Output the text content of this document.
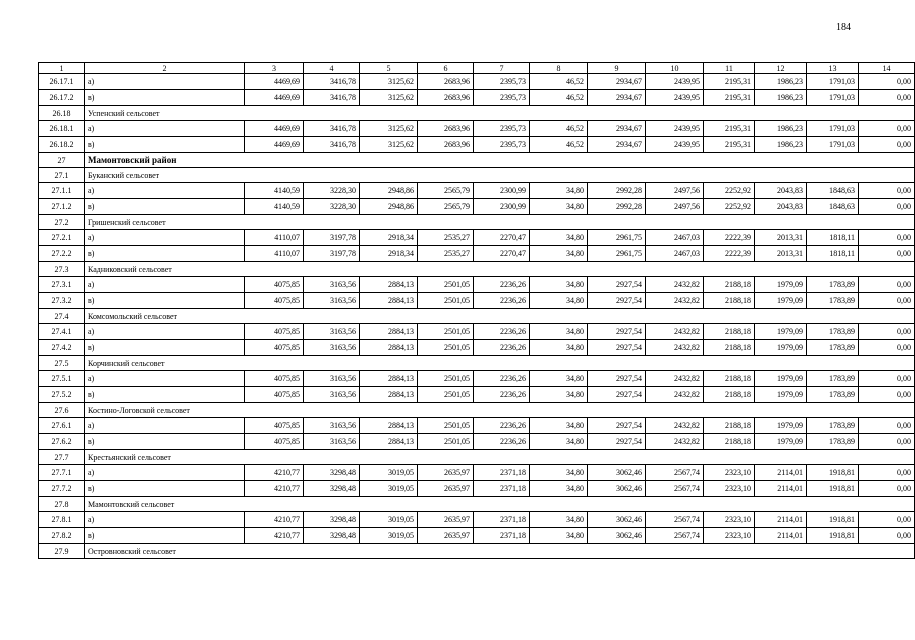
184
1	2	3	4	5	6	7	8	9	10	11	12	13	14
26.17.1	а)	4469,69	3416,78	3125,62	2683,96	2395,73	46,52	2934,67	2439,95	2195,31	1986,23	1791,03	0,00
26.17.2	в)	4469,69	3416,78	3125,62	2683,96	2395,73	46,52	2934,67	2439,95	2195,31	1986,23	1791,03	0,00
26.18	Успенский сельсовет												
26.18.1	а)	4469,69	3416,78	3125,62	2683,96	2395,73	46,52	2934,67	2439,95	2195,31	1986,23	1791,03	0,00
26.18.2	в)	4469,69	3416,78	3125,62	2683,96	2395,73	46,52	2934,67	2439,95	2195,31	1986,23	1791,03	0,00
27	Мамонтовский район												
27.1	Буканский сельсовет												
27.1.1	а)	4140,59	3228,30	2948,86	2565,79	2300,99	34,80	2992,28	2497,56	2252,92	2043,83	1848,63	0,00
27.1.2	в)	4140,59	3228,30	2948,86	2565,79	2300,99	34,80	2992,28	2497,56	2252,92	2043,83	1848,63	0,00
27.2	Гришенский сельсовет												
27.2.1	а)	4110,07	3197,78	2918,34	2535,27	2270,47	34,80	2961,75	2467,03	2222,39	2013,31	1818,11	0,00
27.2.2	в)	4110,07	3197,78	2918,34	2535,27	2270,47	34,80	2961,75	2467,03	2222,39	2013,31	1818,11	0,00
27.3	Кадниковский сельсовет												
27.3.1	а)	4075,85	3163,56	2884,13	2501,05	2236,26	34,80	2927,54	2432,82	2188,18	1979,09	1783,89	0,00
27.3.2	в)	4075,85	3163,56	2884,13	2501,05	2236,26	34,80	2927,54	2432,82	2188,18	1979,09	1783,89	0,00
27.4	Комсомольский сельсовет												
27.4.1	а)	4075,85	3163,56	2884,13	2501,05	2236,26	34,80	2927,54	2432,82	2188,18	1979,09	1783,89	0,00
27.4.2	в)	4075,85	3163,56	2884,13	2501,05	2236,26	34,80	2927,54	2432,82	2188,18	1979,09	1783,89	0,00
27.5	Корчинский сельсовет												
27.5.1	а)	4075,85	3163,56	2884,13	2501,05	2236,26	34,80	2927,54	2432,82	2188,18	1979,09	1783,89	0,00
27.5.2	в)	4075,85	3163,56	2884,13	2501,05	2236,26	34,80	2927,54	2432,82	2188,18	1979,09	1783,89	0,00
27.6	Костино-Логовской сельсовет												
27.6.1	а)	4075,85	3163,56	2884,13	2501,05	2236,26	34,80	2927,54	2432,82	2188,18	1979,09	1783,89	0,00
27.6.2	в)	4075,85	3163,56	2884,13	2501,05	2236,26	34,80	2927,54	2432,82	2188,18	1979,09	1783,89	0,00
27.7	Крестьянский сельсовет												
27.7.1	а)	4210,77	3298,48	3019,05	2635,97	2371,18	34,80	3062,46	2567,74	2323,10	2114,01	1918,81	0,00
27.7.2	в)	4210,77	3298,48	3019,05	2635,97	2371,18	34,80	3062,46	2567,74	2323,10	2114,01	1918,81	0,00
27.8	Мамонтовский сельсовет												
27.8.1	а)	4210,77	3298,48	3019,05	2635,97	2371,18	34,80	3062,46	2567,74	2323,10	2114,01	1918,81	0,00
27.8.2	в)	4210,77	3298,48	3019,05	2635,97	2371,18	34,80	3062,46	2567,74	2323,10	2114,01	1918,81	0,00
27.9	Островновский сельсовет												
